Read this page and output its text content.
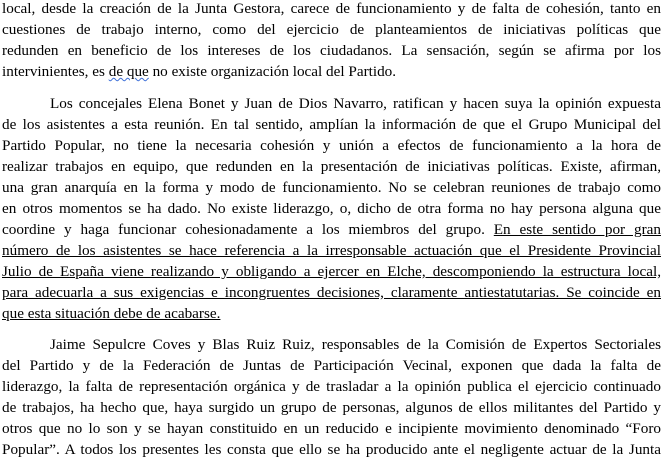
local, desde la creación de la Junta Gestora, carece de funcionamiento y de falta de cohesión, tanto en
cuestiones de trabajo interno, como del ejercicio de planteamientos de iniciativas políticas que
redunden en beneficio de los intereses de los ciudadanos. La sensación, según se afirma por los
intervinientes, es de que no existe organización local del Partido.
Los concejales Elena Bonet y Juan de Dios Navarro, ratifican y hacen suya la opinión expuesta
de los asistentes a esta reunión. En tal sentido, amplían la información de que el Grupo Municipal del
Partido Popular, no tiene la necesaria cohesión y unión a efectos de funcionamiento a la hora de
realizar trabajos en equipo, que redunden en la presentación de iniciativas políticas. Existe, afirman,
una gran anarquía en la forma y modo de funcionamiento. No se celebran reuniones de trabajo como
en otros momentos se ha dado. No existe liderazgo, o, dicho de otra forma no hay persona alguna que
coordine y haga funcionar cohesionadamente a los miembros del grupo. En este sentido por gran
número de los asistentes se hace referencia a la irresponsable actuación que el Presidente Provincial
Julio de España viene realizando y obligando a ejercer en Elche, descomponiendo la estructura local,
para adecuarla a sus exigencias e incongruentes decisiones, claramente antiestatutarias. Se coincide en
que esta situación debe de acabarse.
Jaime Sepulcre Coves y Blas Ruiz Ruiz, responsables de la Comisión de Expertos Sectoriales
del Partido y de la Federación de Juntas de Participación Vecinal, exponen que dada la falta de
liderazgo, la falta de representación orgánica y de trasladar a la opinión publica el ejercicio continuado
de trabajos, ha hecho que, haya surgido un grupo de personas, algunos de ellos militantes del Partido y
otros que no lo son y se hayan constituido en un reducido e incipiente movimiento denominado “Foro
Popular”. A todos los presentes les consta que ello se ha producido ante el negligente actuar de la Junta
